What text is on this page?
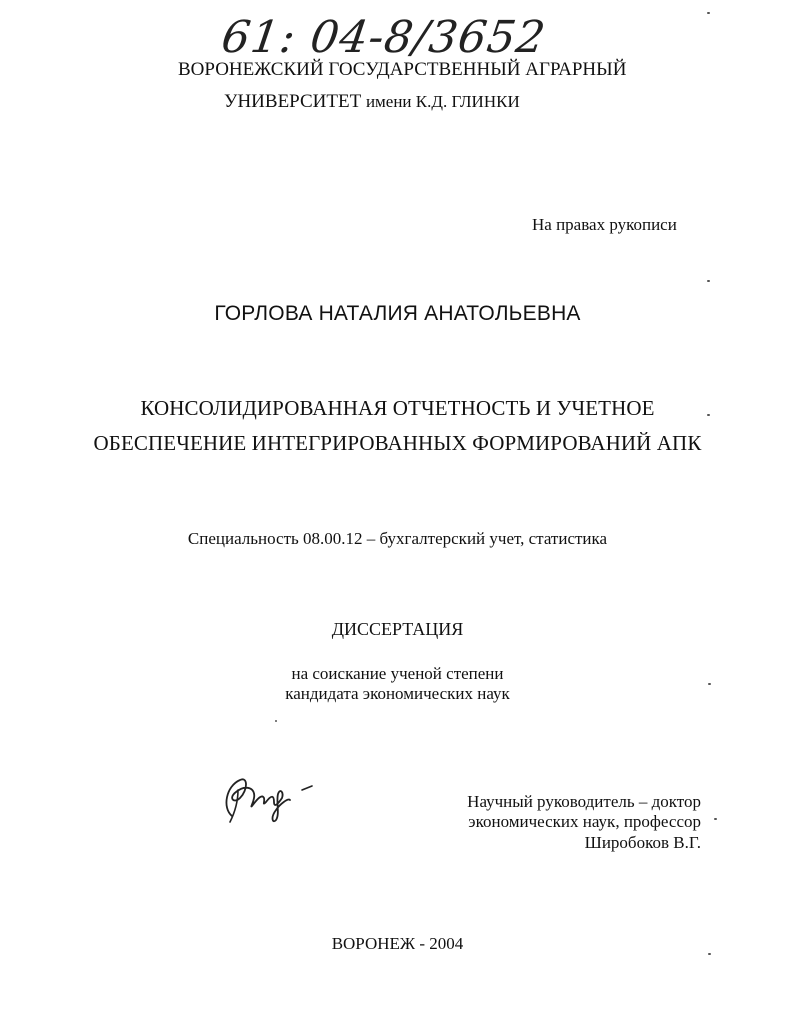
61: 04-8/3652
ВОРОНЕЖСКИЙ ГОСУДАРСТВЕННЫЙ АГРАРНЫЙ
УНИВЕРСИТЕТ имени К.Д. ГЛИНКИ
На правах рукописи
ГОРЛОВА НАТАЛИЯ АНАТОЛЬЕВНА
КОНСОЛИДИРОВАННАЯ ОТЧЕТНОСТЬ И УЧЕТНОЕ
ОБЕСПЕЧЕНИЕ ИНТЕГРИРОВАННЫХ ФОРМИРОВАНИЙ АПК
Специальность 08.00.12 – бухгалтерский учет, статистика
ДИССЕРТАЦИЯ
на соискание ученой степени
кандидата экономических наук
Научный руководитель – доктор
экономических наук, профессор
Широбоков В.Г.
ВОРОНЕЖ - 2004
